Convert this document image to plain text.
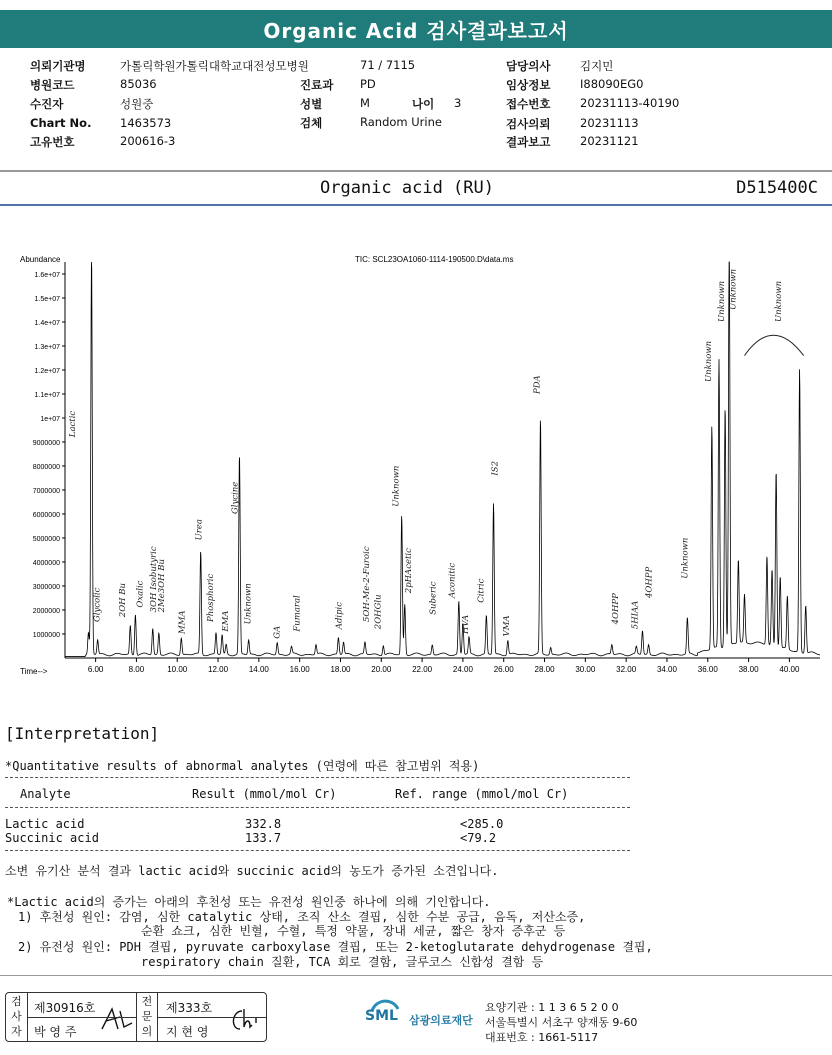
Organic Acid 검사결과보고서
의뢰기관명	가톨릭학원가톨릭대학교대전성모병원	71 / 7115	담당의사	김지민
병원코드	85036	진료과 PD	임상정보	I88090EG0
수진자	성원중	성별	M	나이 3	접수번호	20231113-40190
Chart No. 1463573	검체	Random Urine	검사의뢰	20231113
고유번호	200616-3	결과보고	20231121
Organic acid (RU)	D515400C
Abundance	TIC: SCL23OA1060-1114-190500.D\data.ms
Time-->
1000000
2000000
3000000
4000000
5000000
6000000
7000000
8000000
9000000
1e+07
1.1e+07
1.2e+07
1.3e+07
1.4e+07
1.5e+07
1.6e+07
6.00	8.00	10.00	12.00	14.00	16.00	18.00	20.00	22.00	24.00	26.00	28.00	30.00	32.00	34.00	36.00	38.00	40.00
Lactic
Glycolic 2OH Bu Oxalic 3OH Isobutyric
2Me3OH Bu
MMA
Urea
Phosphoric EMA
Glycine
Unknown
GA
Fumaral	Adipic 5OH-Me-2-Furoic 2OHGlu
Unknown
2pHAcetic
Suberic
Aconitic
HVA
Citric
IS2
VMA
PDA
4OHPP 5HIAA
4OHPP
Unknown
Unknown
Unknown Unknown	Unknown
[Interpretation]
*Quantitative results of abnormal analytes (연령에 따른 참고범위 적용)
Analyte	Result (mmol/mol Cr)	Ref. range (mmol/mol Cr)
Lactic acid	332.8	<285.0
Succinic acid	133.7	<79.2
소변 유기산 분석 결과 lactic acid와 succinic acid의 농도가 증가된 소견입니다.
*Lactic acid의 증가는 아래의 후천성 또는 유전성 원인중 하나에 의해 기인합니다.
1) 후천성 원인: 감염, 심한 catalytic 상태, 조직 산소 결핍, 심한 수분 공급, 음독, 저산소증,
순환 쇼크, 심한 빈혈, 수혈, 특정 약물, 장내 세균, 짧은 창자 증후군 등
2) 유전성 원인: PDH 결핍, pyruvate carboxylase 결핍, 또는 2-ketoglutarate dehydrogenase 결핍,
respiratory chain 질환, TCA 회로 결함, 글루코스 신합성 결함 등
검사자
제30916호
박 영 주
전문의
제333호
지 현 영
SML 삼광의료재단
요양기관 : 1 1 3 6 5 2 0 0
서울특별시 서초구 양재동 9-60
대표번호 : 1661-5117
